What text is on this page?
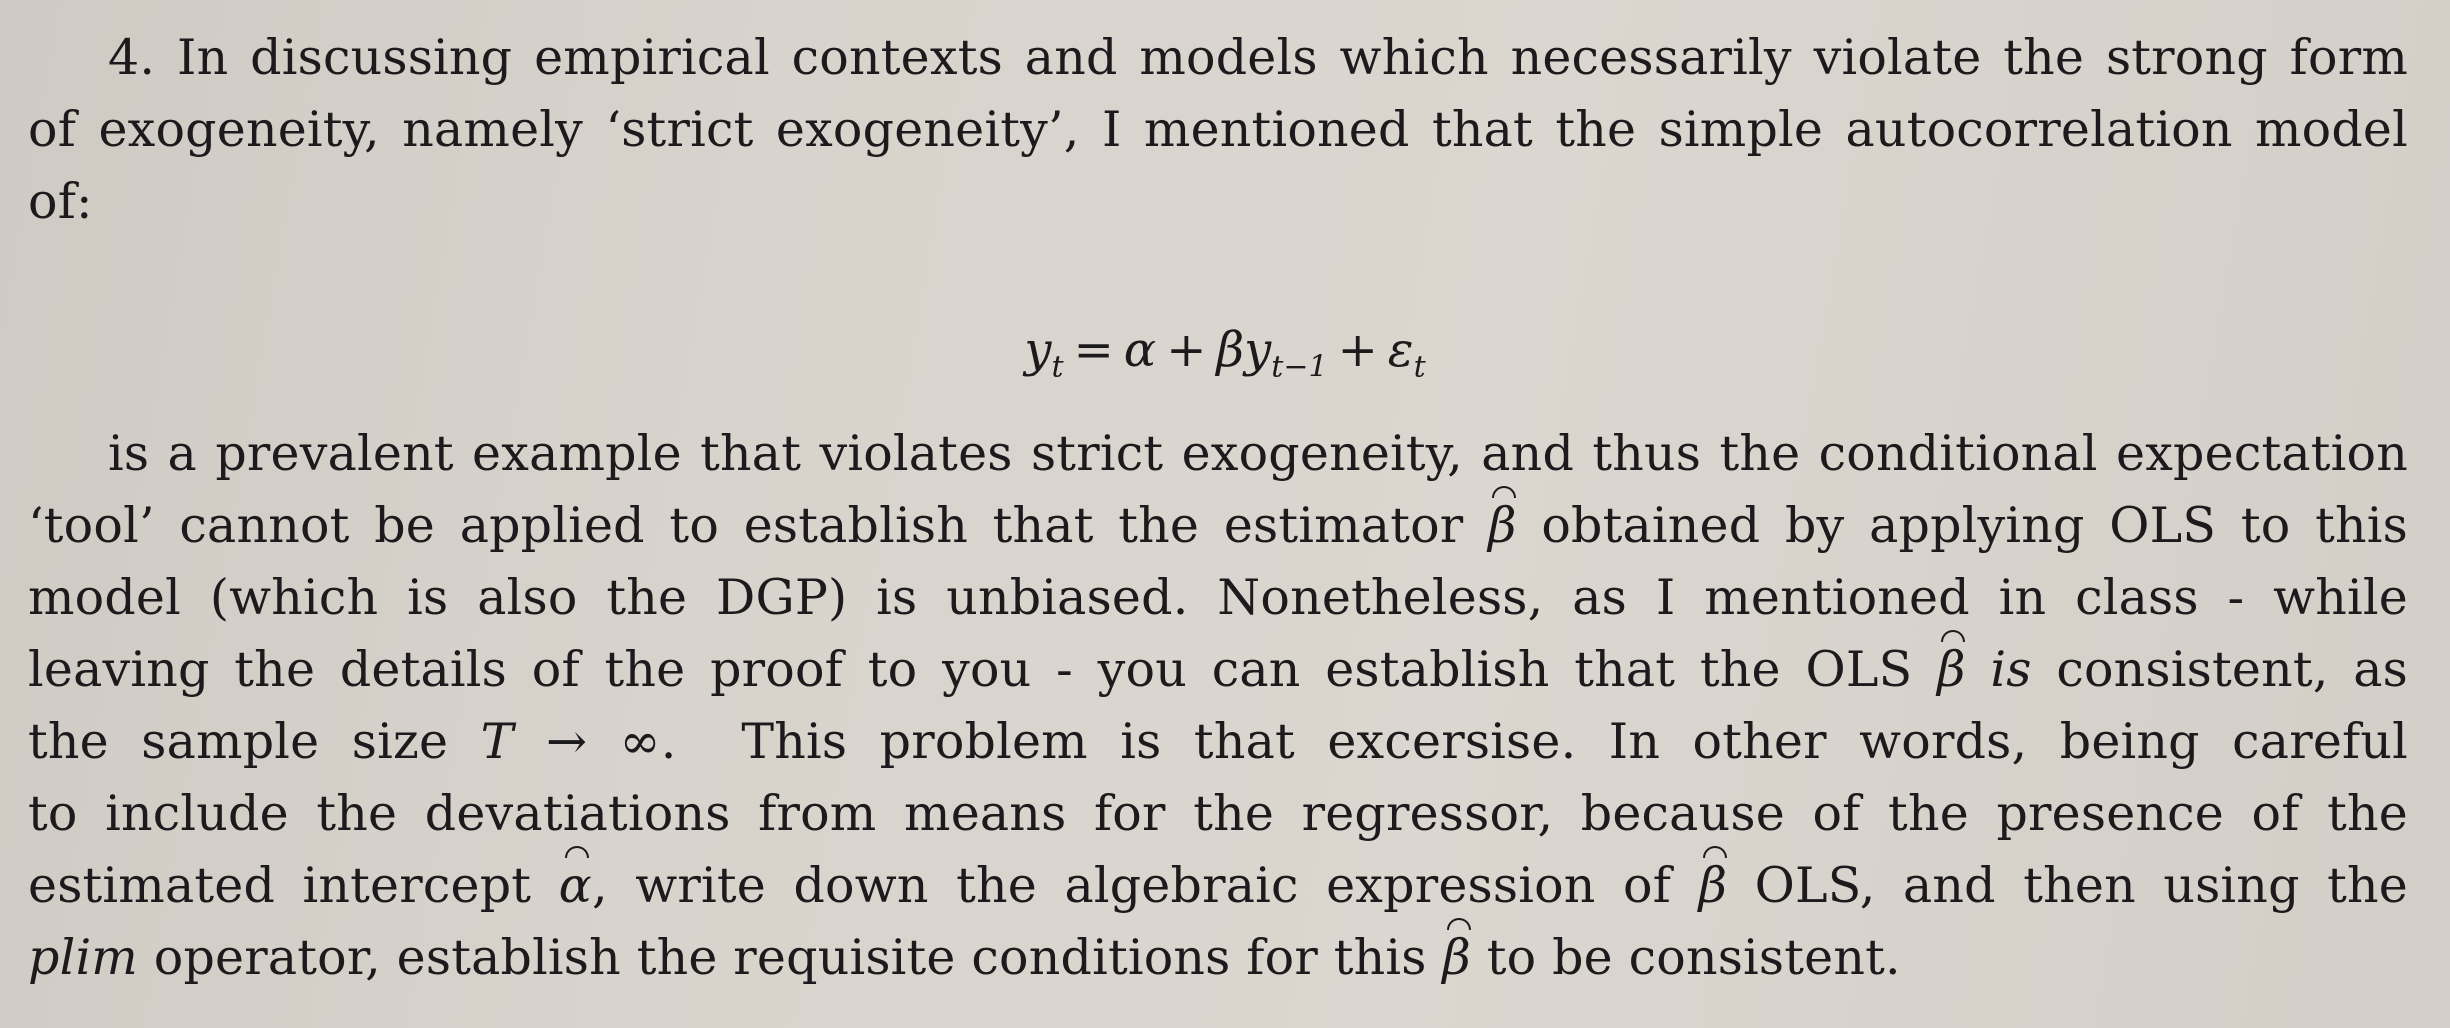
4. In discussing empirical contexts and models which necessarily violate the strong form
of exogeneity, namely ‘strict exogeneity’, I mentioned that the simple autocorrelation model
of:
$y_t = \alpha + \beta y_{t-1} + \varepsilon_t$
is a prevalent example that violates strict exogeneity, and thus the conditional expectation
‘tool’ cannot be applied to establish that the estimator β obtained by applying OLS to this
model (which is also the DGP) is unbiased. Nonetheless, as I mentioned in class - while
leaving the details of the proof to you - you can establish that the OLS β is consistent, as
the sample size T → ∞. This problem is that excersise. In other words, being careful
to include the devatiations from means for the regressor, because of the presence of the
estimated intercept α, write down the algebraic expression of β OLS, and then using the
plim operator, establish the requisite conditions for this β to be consistent.
